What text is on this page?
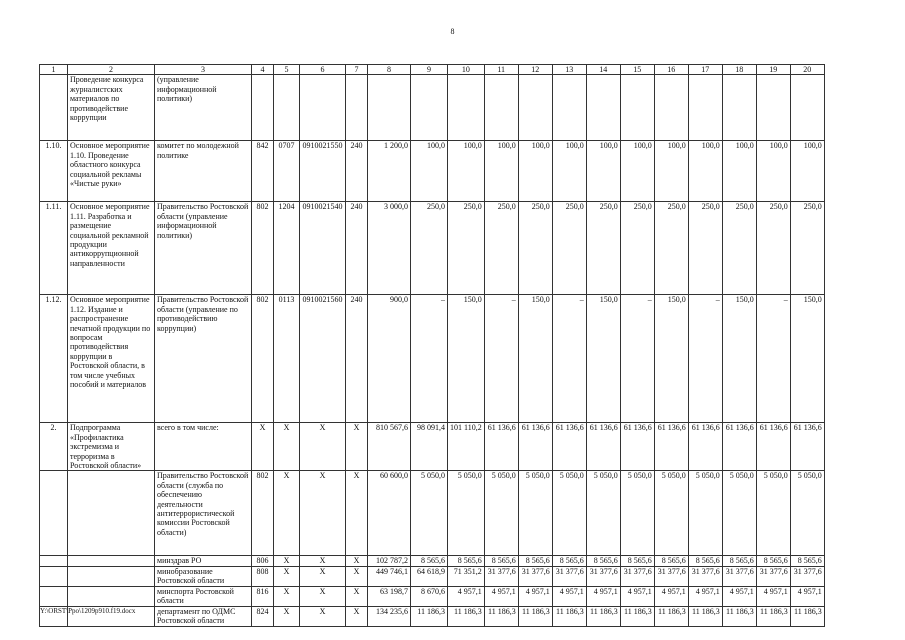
8
1	2	3	4	5	6	7	8	9	10	11	12	13	14	15	16	17	18	19	20
	Проведение конкурса журналистских материалов по противодействие коррупции	(управление информационной политики)																	
1.10.	Основное мероприятие 1.10. Проведение областного конкурса социальной рекламы «Чистые руки»	комитет по молодежной политике	842	0707	0910021550	240	1 200,0	100,0	100,0	100,0	100,0	100,0	100,0	100,0	100,0	100,0	100,0	100,0	100,0
1.11.	Основное мероприятие 1.11. Разработка и размещение социальной рекламной продукции антикоррупционной направленности	Правительство Ростовской области (управление информационной политики)	802	1204	0910021540	240	3 000,0	250,0	250,0	250,0	250,0	250,0	250,0	250,0	250,0	250,0	250,0	250,0	250,0
1.12.	Основное мероприятие 1.12. Издание и распространение печатной продукции по вопросам противодействия коррупции в Ростовской области, в том числе учебных пособий и материалов	Правительство Ростовской области (управление по противодействию коррупции)	802	0113	0910021560	240	900,0	–	150,0	–	150,0	–	150,0	–	150,0	–	150,0	–	150,0
2.	Подпрограмма «Профилактика экстремизма и терроризма в Ростовской области»	всего в том числе:	X	X	X	X	810 567,6	98 091,4	101 110,2	61 136,6	61 136,6	61 136,6	61 136,6	61 136,6	61 136,6	61 136,6	61 136,6	61 136,6	61 136,6
		Правительство Ростовской области (служба по обеспечению деятельности антитеррористической комиссии Ростовской области)	802	X	X	X	60 600,0	5 050,0	5 050,0	5 050,0	5 050,0	5 050,0	5 050,0	5 050,0	5 050,0	5 050,0	5 050,0	5 050,0	5 050,0
		минздрав РО	806	X	X	X	102 787,2	8 565,6	8 565,6	8 565,6	8 565,6	8 565,6	8 565,6	8 565,6	8 565,6	8 565,6	8 565,6	8 565,6	8 565,6
		минобразование Ростовской области	808	X	X	X	449 746,1	64 618,9	71 351,2	31 377,6	31 377,6	31 377,6	31 377,6	31 377,6	31 377,6	31 377,6	31 377,6	31 377,6	31 377,6
		минспорта Ростовской области	816	X	X	X	63 198,7	8 670,6	4 957,1	4 957,1	4 957,1	4 957,1	4 957,1	4 957,1	4 957,1	4 957,1	4 957,1	4 957,1	4 957,1
		департамент по ОДМС Ростовской области	824	X	X	X	134 235,6	11 186,3	11 186,3	11 186,3	11 186,3	11 186,3	11 186,3	11 186,3	11 186,3	11 186,3	11 186,3	11 186,3	11 186,3
Y:\ORST\Ppo\1209p910.f19.docx
